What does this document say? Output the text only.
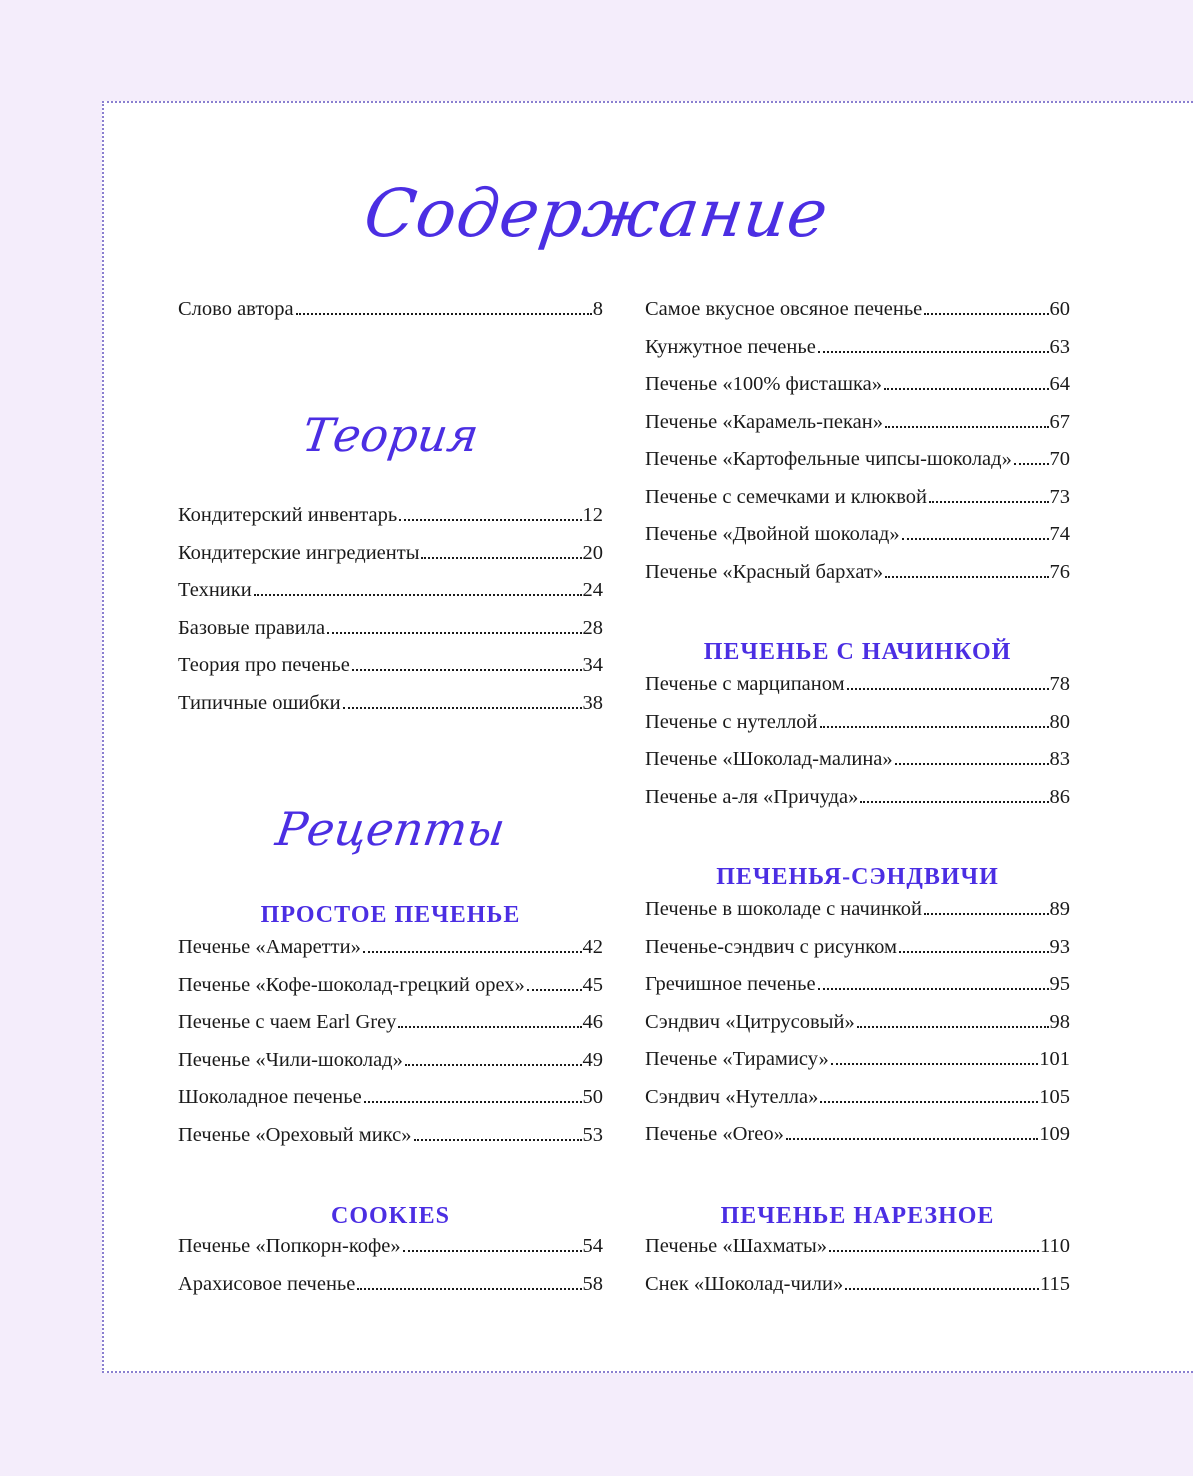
Содержание
Слово автора	8
Теория
Кондитерский инвентарь	12
Кондитерские ингредиенты	20
Техники	24
Базовые правила	28
Теория про печенье	34
Типичные ошибки	38
Рецепты
ПРОСТОЕ ПЕЧЕНЬЕ
Печенье «Амаретти»	42
Печенье «Кофе-шоколад-грецкий орех»	45
Печенье с чаем Earl Grey	46
Печенье «Чили-шоколад»	49
Шоколадное печенье	50
Печенье «Ореховый микс»	53
COOKIES
Печенье «Попкорн-кофе»	54
Арахисовое печенье	58
Самое вкусное овсяное печенье	60
Кунжутное печенье	63
Печенье «100% фисташка»	64
Печенье «Карамель-пекан»	67
Печенье «Картофельные чипсы-шоколад» 70
Печенье с семечками и клюквой	73
Печенье «Двойной шоколад»	74
Печенье «Красный бархат»	76
ПЕЧЕНЬЕ С НАЧИНКОЙ
Печенье с марципаном	78
Печенье с нутеллой	80
Печенье «Шоколад-малина»	83
Печенье а-ля «Причуда»	86
ПЕЧЕНЬЯ-СЭНДВИЧИ
Печенье в шоколаде с начинкой	89
Печенье-сэндвич с рисунком	93
Гречишное печенье	95
Сэндвич «Цитрусовый»	98
Печенье «Тирамису»	101
Сэндвич «Нутелла»	105
Печенье «Oreo»	109
ПЕЧЕНЬЕ НАРЕЗНОЕ
Печенье «Шахматы»	110
Снек «Шоколад-чили»	115
